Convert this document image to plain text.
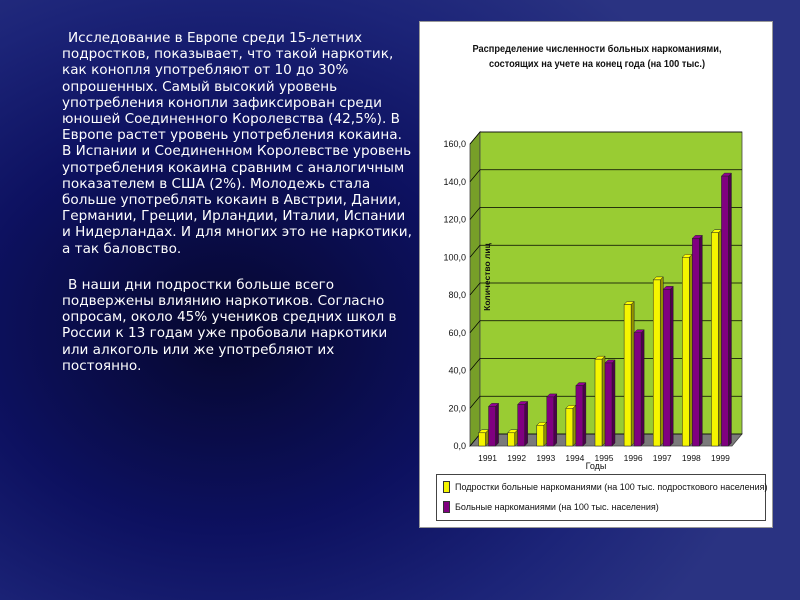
Исследование в Европе среди 15-летних подростков, показывает, что такой наркотик, как конопля употребляют от 10 до 30% опрошенных. Самый высокий уровень употребления конопли зафиксирован среди юношей Соединенного Королевства (42,5%). В Европе растет уровень употребления кокаина. В Испании и Соединенном Королевстве уровень употребления кокаина сравним с аналогичным показателем в США (2%). Молодежь стала больше употреблять кокаин в Австрии, Дании, Германии, Греции, Ирландии, Италии, Испании и Нидерландах. И для многих это не наркотики, а так баловство.

В наши дни подростки больше всего подвержены влиянию наркотиков. Согласно опросам, около 45% учеников средних школ в России к 13 годам уже пробовали наркотики или алкоголь или же употребляют их постоянно.

Распределение численности больных наркоманиями, состоящих на учете на конец года (на 100 тыс.)
0,0
20,0
40,0
60,0
80,0
100,0
120,0
140,0
160,0
Количество лиц
1991 1992 1993 1994 1995 1996 1997 1998 1999
Годы
Подростки больные наркоманиями (на 100 тыс. подросткового населения)
Больные наркоманиями (на 100 тыс. населения)
